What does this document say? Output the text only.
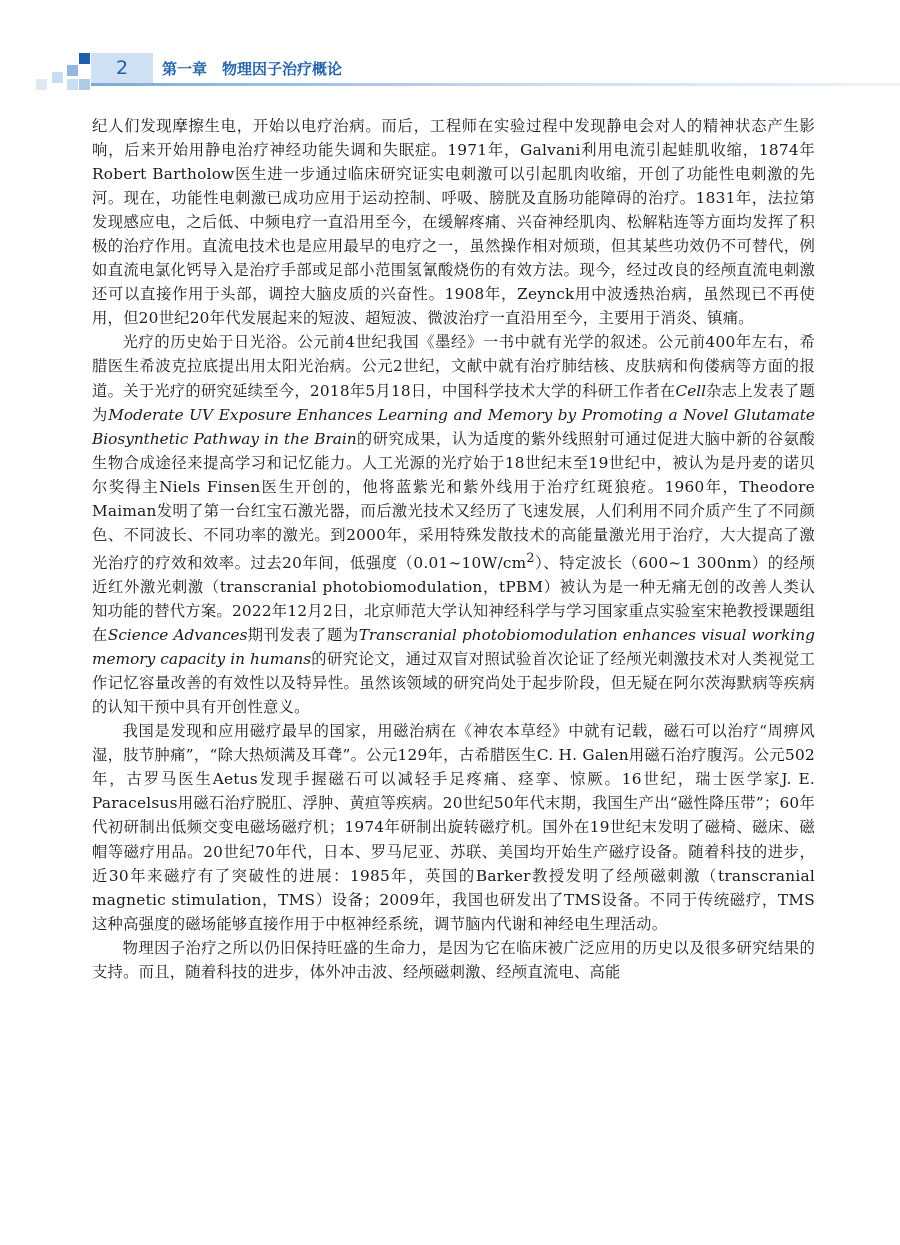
2 第一章　物理因子治疗概论

纪人们发现摩擦生电，开始以电疗治病。而后，工程师在实验过程中发现静电会对人的精神状态产生影响，后来开始用静电治疗神经功能失调和失眠症。1971年，Galvani利用电流引起蛙肌收缩，1874年Robert Bartholow医生进一步通过临床研究证实电刺激可以引起肌肉收缩，开创了功能性电刺激的先河。现在，功能性电刺激已成功应用于运动控制、呼吸、膀胱及直肠功能障碍的治疗。1831年，法拉第发现感应电，之后低、中频电疗一直沿用至今，在缓解疼痛、兴奋神经肌肉、松解粘连等方面均发挥了积极的治疗作用。直流电技术也是应用最早的电疗之一，虽然操作相对烦琐，但其某些功效仍不可替代，例如直流电氯化钙导入是治疗手部或足部小范围氢氰酸烧伤的有效方法。现今，经过改良的经颅直流电刺激还可以直接作用于头部，调控大脑皮质的兴奋性。1908年，Zeynck用中波透热治病，虽然现已不再使用，但20世纪20年代发展起来的短波、超短波、微波治疗一直沿用至今，主要用于消炎、镇痛。

光疗的历史始于日光浴。公元前4世纪我国《墨经》一书中就有光学的叙述。公元前400年左右，希腊医生希波克拉底提出用太阳光治病。公元2世纪，文献中就有治疗肺结核、皮肤病和佝偻病等方面的报道。关于光疗的研究延续至今，2018年5月18日，中国科学技术大学的科研工作者在Cell杂志上发表了题为Moderate UV Exposure Enhances Learning and Memory by Promoting a Novel Glutamate Biosynthetic Pathway in the Brain的研究成果，认为适度的紫外线照射可通过促进大脑中新的谷氨酸生物合成途径来提高学习和记忆能力。人工光源的光疗始于18世纪末至19世纪中，被认为是丹麦的诺贝尔奖得主Niels Finsen医生开创的，他将蓝紫光和紫外线用于治疗红斑狼疮。1960年，Theodore Maiman发明了第一台红宝石激光器，而后激光技术又经历了飞速发展，人们利用不同介质产生了不同颜色、不同波长、不同功率的激光。到2000年，采用特殊发散技术的高能量激光用于治疗，大大提高了激光治疗的疗效和效率。过去20年间，低强度$(0.01\sim 10W/cm^2)$、特定波长（600~1 300nm）的经颅近红外激光刺激（transcranial photobiomodulation，tPBM）被认为是一种无痛无创的改善人类认知功能的替代方案。2022年12月2日，北京师范大学认知神经科学与学习国家重点实验室宋艳教授课题组在Science Advances期刊发表了题为Transcranial photobiomodulation enhances visual working memory capacity in humans的研究论文，通过双盲对照试验首次论证了经颅光刺激技术对人类视觉工作记忆容量改善的有效性以及特异性。虽然该领域的研究尚处于起步阶段，但无疑在阿尔茨海默病等疾病的认知干预中具有开创性意义。

我国是发现和应用磁疗最早的国家，用磁治病在《神农本草经》中就有记载，磁石可以治疗“周痹风湿，肢节肿痛”，“除大热烦满及耳聋”。公元129年，古希腊医生C. H. Galen用磁石治疗腹泻。公元502年，古罗马医生Aetus发现手握磁石可以减轻手足疼痛、痉挛、惊厥。16世纪，瑞士医学家J. E. Paracelsus用磁石治疗脱肛、浮肿、黄疸等疾病。20世纪50年代末期，我国生产出“磁性降压带”；60年代初研制出低频交变电磁场磁疗机；1974年研制出旋转磁疗机。国外在19世纪末发明了磁椅、磁床、磁帽等磁疗用品。20世纪70年代，日本、罗马尼亚、苏联、美国均开始生产磁疗设备。随着科技的进步，近30年来磁疗有了突破性的进展：1985年，英国的Barker教授发明了经颅磁刺激（transcranial magnetic stimulation，TMS）设备；2009年，我国也研发出了TMS设备。不同于传统磁疗，TMS这种高强度的磁场能够直接作用于中枢神经系统，调节脑内代谢和神经电生理活动。

物理因子治疗之所以仍旧保持旺盛的生命力，是因为它在临床被广泛应用的历史以及很多研究结果的支持。而且，随着科技的进步，体外冲击波、经颅磁刺激、经颅直流电、高能
